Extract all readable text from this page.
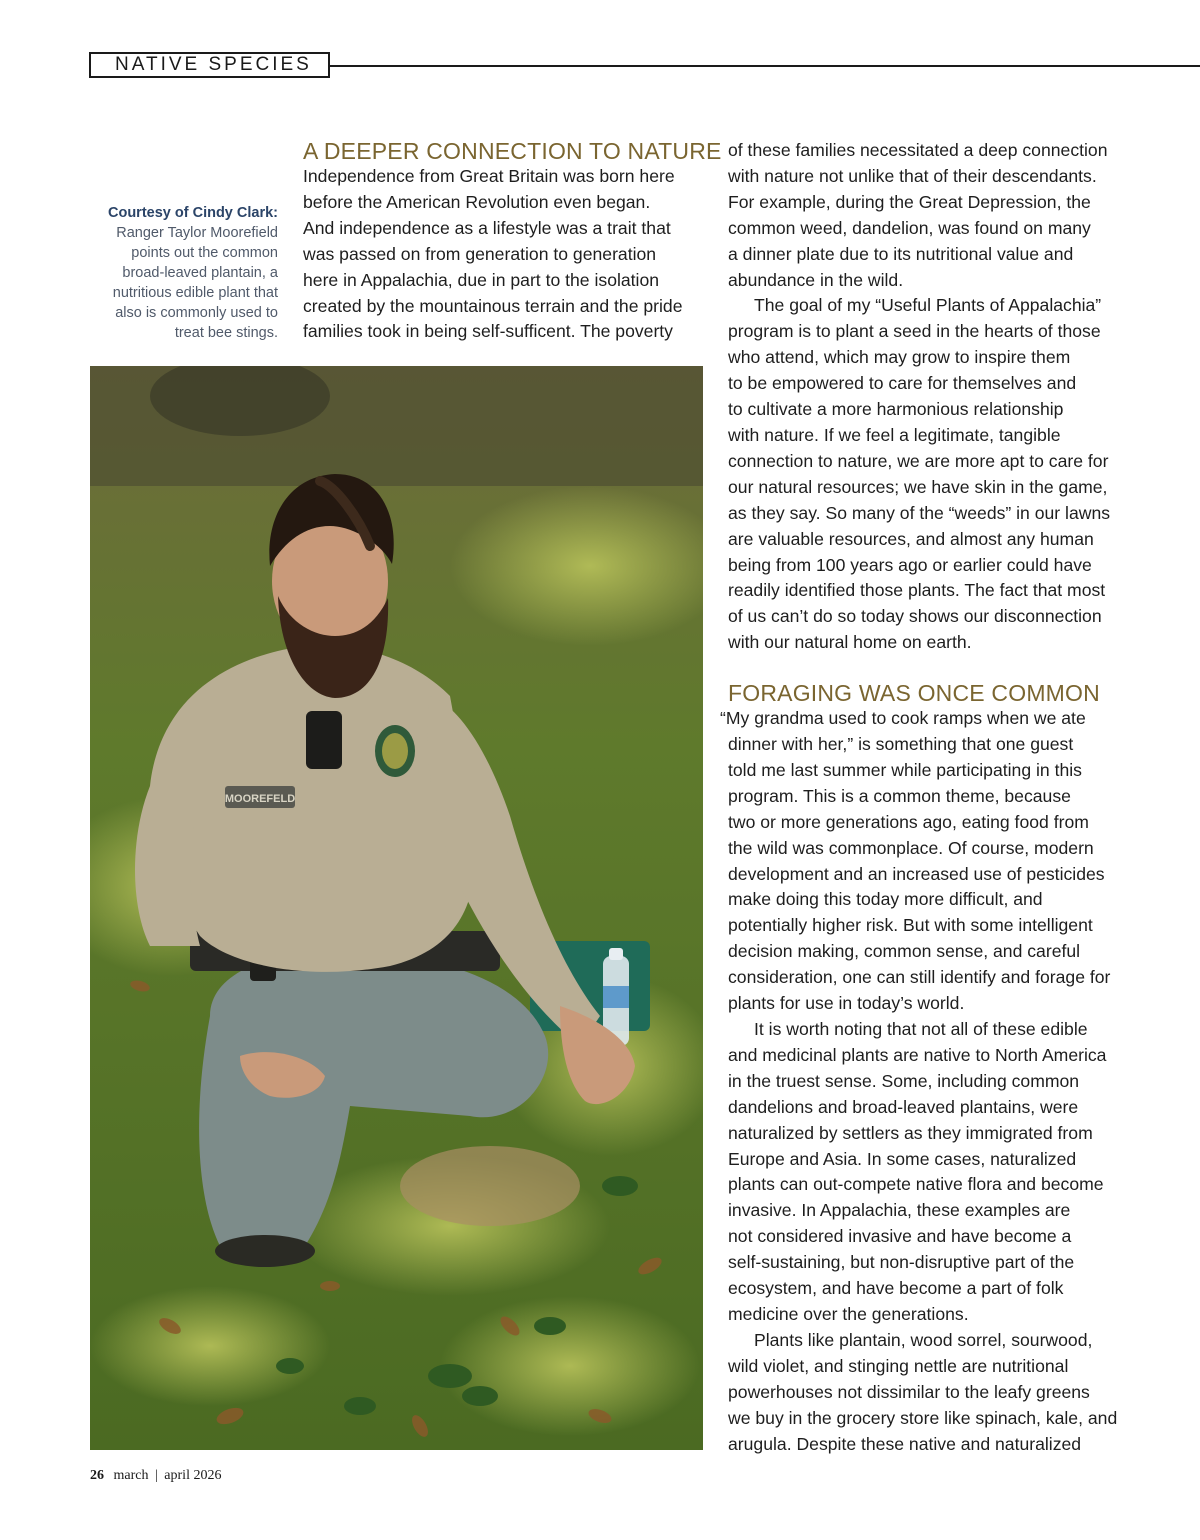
NATIVE SPECIES
Courtesy of Cindy Clark:
Ranger Taylor Moorefield
points out the common
broad-leaved plantain, a
nutritious edible plant that
also is commonly used to
treat bee stings.
A DEEPER CONNECTION TO NATURE
Independence from Great Britain was born here
before the American Revolution even began.
And independence as a lifestyle was a trait that
was passed on from generation to generation
here in Appalachia, due in part to the isolation
created by the mountainous terrain and the pride
families took in being self-sufficent. The poverty
MOOREFELD
of these families necessitated a deep connection
with nature not unlike that of their descendants.
For example, during the Great Depression, the
common weed, dandelion, was found on many
a dinner plate due to its nutritional value and
abundance in the wild.
The goal of my “Useful Plants of Appalachia”
program is to plant a seed in the hearts of those
who attend, which may grow to inspire them
to be empowered to care for themselves and
to cultivate a more harmonious relationship
with nature. If we feel a legitimate, tangible
connection to nature, we are more apt to care for
our natural resources; we have skin in the game,
as they say. So many of the “weeds” in our lawns
are valuable resources, and almost any human
being from 100 years ago or earlier could have
readily identified those plants. The fact that most
of us can’t do so today shows our disconnection
with our natural home on earth.
FORAGING WAS ONCE COMMON
“My grandma used to cook ramps when we ate
dinner with her,” is something that one guest
told me last summer while participating in this
program. This is a common theme, because
two or more generations ago, eating food from
the wild was commonplace. Of course, modern
development and an increased use of pesticides
make doing this today more difficult, and
potentially higher risk. But with some intelligent
decision making, common sense, and careful
consideration, one can still identify and forage for
plants for use in today’s world.
It is worth noting that not all of these edible
and medicinal plants are native to North America
in the truest sense. Some, including common
dandelions and broad-leaved plantains, were
naturalized by settlers as they immigrated from
Europe and Asia. In some cases, naturalized
plants can out-compete native flora and become
invasive. In Appalachia, these examples are
not considered invasive and have become a
self-sustaining, but non-disruptive part of the
ecosystem, and have become a part of folk
medicine over the generations.
Plants like plantain, wood sorrel, sourwood,
wild violet, and stinging nettle are nutritional
powerhouses not dissimilar to the leafy greens
we buy in the grocery store like spinach, kale, and
arugula. Despite these native and naturalized
26 march | april 2026
